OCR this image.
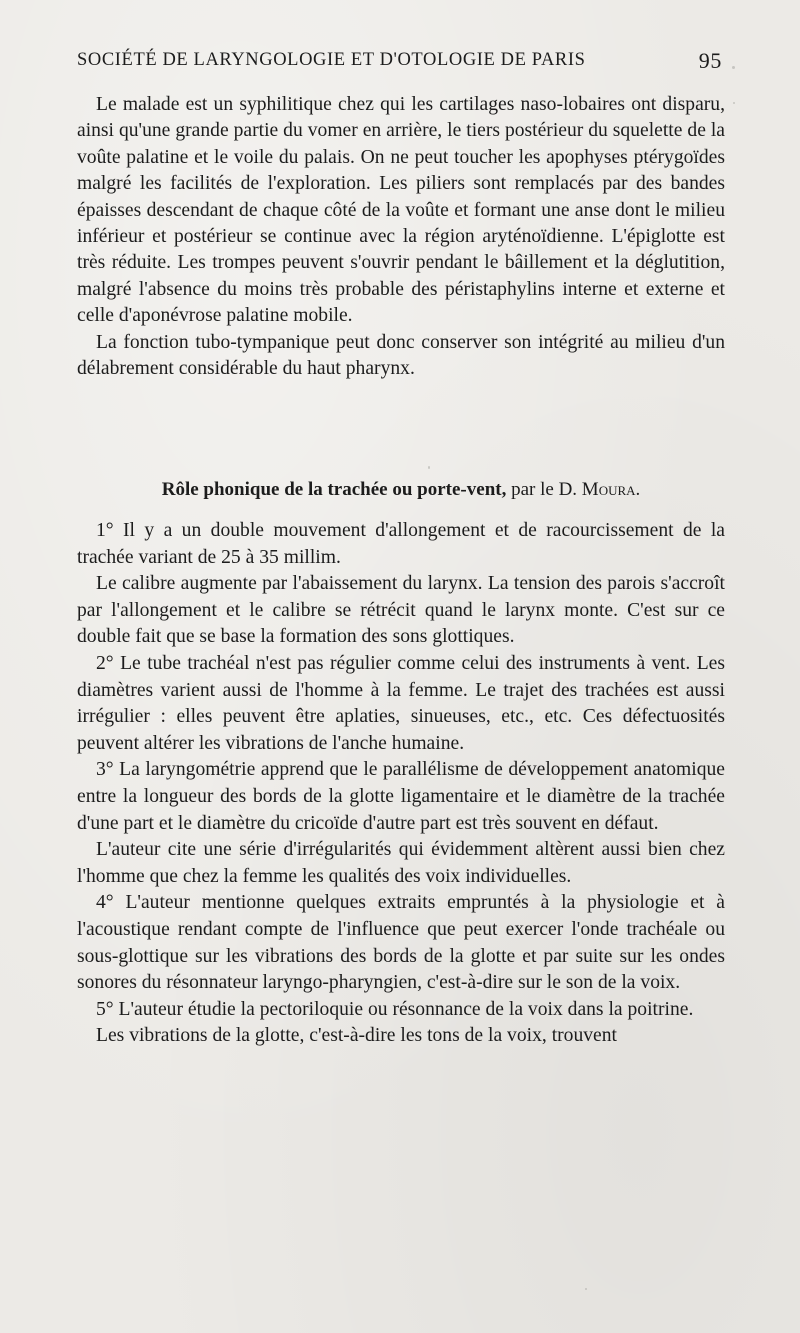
SOCIÉTÉ DE LARYNGOLOGIE ET D'OTOLOGIE DE PARIS	95

Le malade est un syphilitique chez qui les cartilages naso-lobaires ont disparu, ainsi qu'une grande partie du vomer en arrière, le tiers postérieur du squelette de la voûte palatine et le voile du palais. On ne peut toucher les apophyses ptérygoïdes malgré les facilités de l'exploration. Les piliers sont remplacés par des bandes épaisses descendant de chaque côté de la voûte et formant une anse dont le milieu inférieur et postérieur se continue avec la région aryténoïdienne. L'épiglotte est très réduite. Les trompes peuvent s'ouvrir pendant le bâillement et la déglutition, malgré l'absence du moins très probable des péristaphylins interne et externe et celle d'aponévrose palatine mobile.

La fonction tubo-tympanique peut donc conserver son intégrité au milieu d'un délabrement considérable du haut pharynx.

Rôle phonique de la trachée ou porte-vent, par le D. Moura.

1° Il y a un double mouvement d'allongement et de racourcissement de la trachée variant de 25 à 35 millim.

Le calibre augmente par l'abaissement du larynx. La tension des parois s'accroît par l'allongement et le calibre se rétrécit quand le larynx monte. C'est sur ce double fait que se base la formation des sons glottiques.

2° Le tube trachéal n'est pas régulier comme celui des instruments à vent. Les diamètres varient aussi de l'homme à la femme. Le trajet des trachées est aussi irrégulier : elles peuvent être aplaties, sinueuses, etc., etc. Ces défectuosités peuvent altérer les vibrations de l'anche humaine.

3° La laryngométrie apprend que le parallélisme de développement anatomique entre la longueur des bords de la glotte ligamentaire et le diamètre de la trachée d'une part et le diamètre du cricoïde d'autre part est très souvent en défaut.

L'auteur cite une série d'irrégularités qui évidemment altèrent aussi bien chez l'homme que chez la femme les qualités des voix individuelles.

4° L'auteur mentionne quelques extraits empruntés à la physiologie et à l'acoustique rendant compte de l'influence que peut exercer l'onde trachéale ou sous-glottique sur les vibrations des bords de la glotte et par suite sur les ondes sonores du résonnateur laryngo-pharyngien, c'est-à-dire sur le son de la voix.

5° L'auteur étudie la pectoriloquie ou résonnance de la voix dans la poitrine.

Les vibrations de la glotte, c'est-à-dire les tons de la voix, trouvent
